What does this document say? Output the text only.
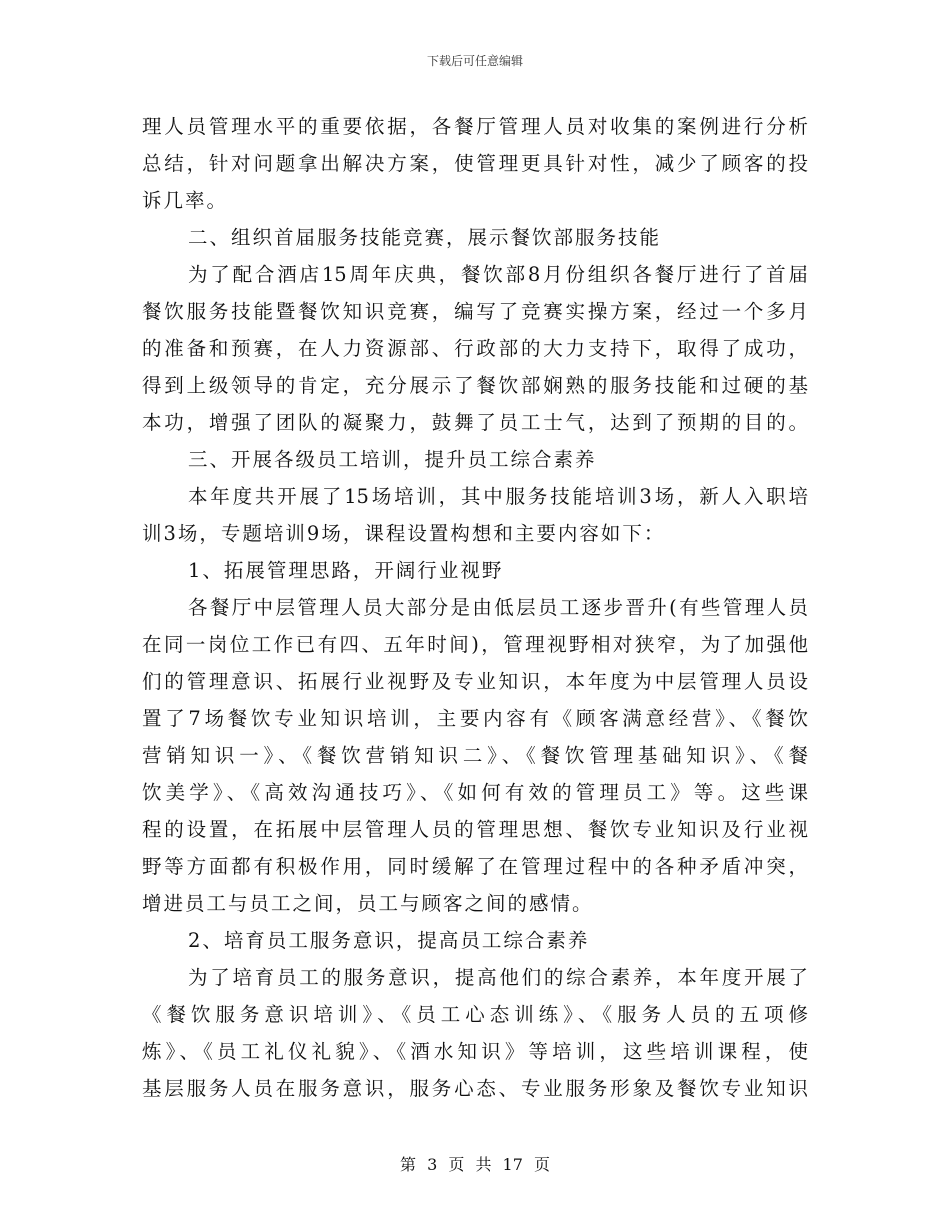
下载后可任意编辑
理人员管理水平的重要依据，各餐厅管理人员对收集的案例进行分析
总结，针对问题拿出解决方案，使管理更具针对性，减少了顾客的投
诉几率。
二、组织首届服务技能竞赛，展示餐饮部服务技能
为了配合酒店15周年庆典，餐饮部8月份组织各餐厅进行了首届
餐饮服务技能暨餐饮知识竞赛，编写了竞赛实操方案，经过一个多月
的准备和预赛，在人力资源部、行政部的大力支持下，取得了成功，
得到上级领导的肯定，充分展示了餐饮部娴熟的服务技能和过硬的基
本功，增强了团队的凝聚力，鼓舞了员工士气，达到了预期的目的。
三、开展各级员工培训，提升员工综合素养
本年度共开展了15场培训，其中服务技能培训3场，新人入职培
训3场，专题培训9场，课程设置构想和主要内容如下：
1、拓展管理思路，开阔行业视野
各餐厅中层管理人员大部分是由低层员工逐步晋升(有些管理人员
在同一岗位工作已有四、五年时间)，管理视野相对狭窄，为了加强他
们的管理意识、拓展行业视野及专业知识，本年度为中层管理人员设
置了7场餐饮专业知识培训，主要内容有《顾客满意经营》、《餐饮
营销知识一》、《餐饮营销知识二》、《餐饮管理基础知识》、《餐
饮美学》、《高效沟通技巧》、《如何有效的管理员工》等。这些课
程的设置，在拓展中层管理人员的管理思想、餐饮专业知识及行业视
野等方面都有积极作用，同时缓解了在管理过程中的各种矛盾冲突，
增进员工与员工之间，员工与顾客之间的感情。
2、培育员工服务意识，提高员工综合素养
为了培育员工的服务意识，提高他们的综合素养，本年度开展了
《餐饮服务意识培训》、《员工心态训练》、《服务人员的五项修
炼》、《员工礼仪礼貌》、《酒水知识》等培训，这些培训课程，使
基层服务人员在服务意识，服务心态、专业服务形象及餐饮专业知识
第 3 页 共 17 页
